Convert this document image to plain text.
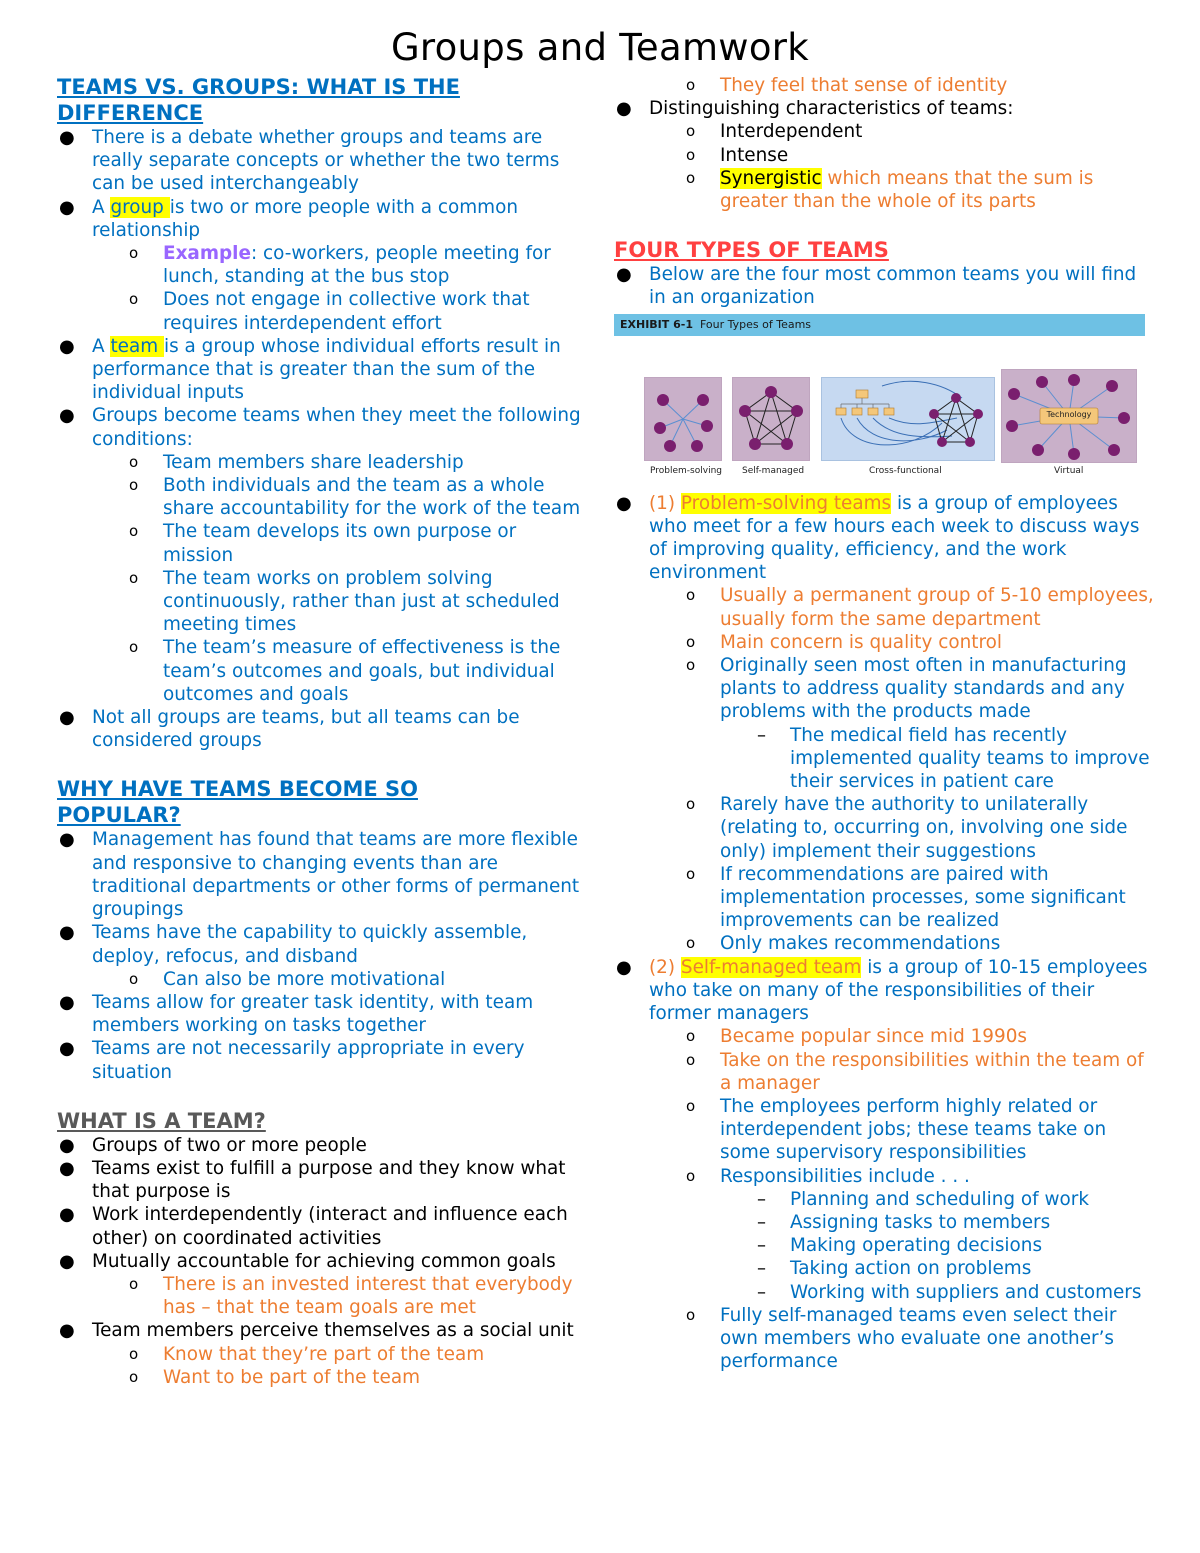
Groups and Teamwork
TEAMS VS. GROUPS: WHAT IS THE
DIFFERENCE
● There is a debate whether groups and teams are really separate concepts or whether the two terms can be used interchangeably
● A group is two or more people with a common relationship
o Example: co-workers, people meeting for lunch, standing at the bus stop
o Does not engage in collective work that requires interdependent effort
● A team is a group whose individual efforts result in performance that is greater than the sum of the individual inputs
● Groups become teams when they meet the following conditions:
o Team members share leadership
o Both individuals and the team as a whole share accountability for the work of the team
o The team develops its own purpose or mission
o The team works on problem solving continuously, rather than just at scheduled meeting times
o The team’s measure of effectiveness is the team’s outcomes and goals, but individual outcomes and goals
● Not all groups are teams, but all teams can be considered groups
WHY HAVE TEAMS BECOME SO
POPULAR?
● Management has found that teams are more flexible and responsive to changing events than are traditional departments or other forms of permanent groupings
● Teams have the capability to quickly assemble, deploy, refocus, and disband
o Can also be more motivational
● Teams allow for greater task identity, with team members working on tasks together
● Teams are not necessarily appropriate in every situation
WHAT IS A TEAM?
● Groups of two or more people
● Teams exist to fulfill a purpose and they know what that purpose is
● Work interdependently (interact and influence each other) on coordinated activities
● Mutually accountable for achieving common goals
o There is an invested interest that everybody has – that the team goals are met
● Team members perceive themselves as a social unit
o Know that they’re part of the team
o Want to be part of the team
o They feel that sense of identity
● Distinguishing characteristics of teams:
o Interdependent
o Intense
o Synergistic which means that the sum is greater than the whole of its parts
FOUR TYPES OF TEAMS
● Below are the four most common teams you will find in an organization
EXHIBIT 6-1 Four Types of Teams
Problem-solving Self-managed	Cross-functional
Technology
Virtual
● (1) Problem-solving teams is a group of employees who meet for a few hours each week to discuss ways of improving quality, efficiency, and the work environment
o Usually a permanent group of 5-10 employees, usually form the same department
o Main concern is quality control
o Originally seen most often in manufacturing plants to address quality standards and any problems with the products made
– The medical field has recently implemented quality teams to improve their services in patient care
o Rarely have the authority to unilaterally (relating to, occurring on, involving one side only) implement their suggestions
o If recommendations are paired with implementation processes, some significant improvements can be realized
o Only makes recommendations
● (2) Self-managed team is a group of 10-15 employees who take on many of the responsibilities of their former managers
o Became popular since mid 1990s
o Take on the responsibilities within the team of a manager
o The employees perform highly related or interdependent jobs; these teams take on some supervisory responsibilities
o Responsibilities include . . .
– Planning and scheduling of work
– Assigning tasks to members
– Making operating decisions
– Taking action on problems
– Working with suppliers and customers
o Fully self-managed teams even select their own members who evaluate one another’s performance
